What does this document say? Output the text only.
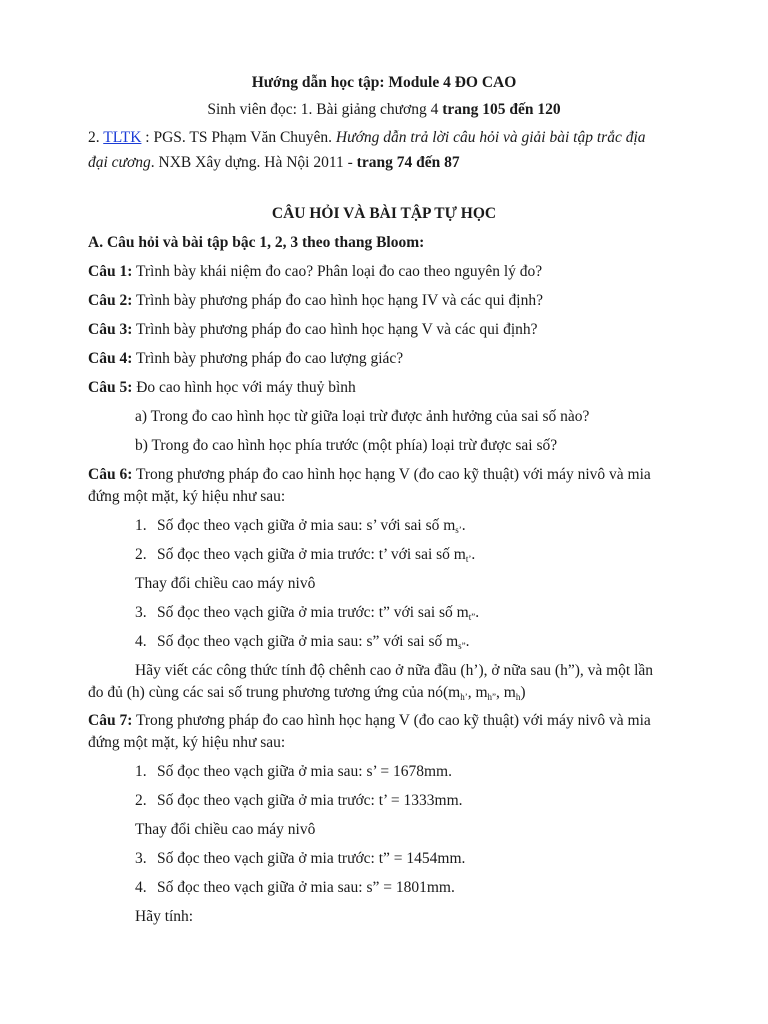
Hướng dẫn học tập: Module 4 ĐO CAO
Sinh viên đọc: 1. Bài giảng chương 4 trang 105 đến 120
2. TLTK : PGS. TS Phạm Văn Chuyên. Hướng dẫn trả lời câu hỏi và giải bài tập trắc địa
đại cương. NXB Xây dựng. Hà Nội 2011 - trang 74 đến 87
CÂU HỎI VÀ BÀI TẬP TỰ HỌC
A. Câu hỏi và bài tập bậc 1, 2, 3 theo thang Bloom:
Câu 1: Trình bày khái niệm đo cao? Phân loại đo cao theo nguyên lý đo?
Câu 2: Trình bày phương pháp đo cao hình học hạng IV và các qui định?
Câu 3: Trình bày phương pháp đo cao hình học hạng V và các qui định?
Câu 4: Trình bày phương pháp đo cao lượng giác?
Câu 5: Đo cao hình học với máy thuỷ bình
a) Trong đo cao hình học từ giữa loại trừ được ảnh hưởng của sai số nào?
b) Trong đo cao hình học phía trước (một phía) loại trừ được sai số?
Câu 6: Trong phương pháp đo cao hình học hạng V (đo cao kỹ thuật) với máy nivô và mia
đứng một mặt, ký hiệu như sau:
1. Số đọc theo vạch giữa ở mia sau: s’ với sai số $m_{s’}$.
2. Số đọc theo vạch giữa ở mia trước: t’ với sai số $m_{t’}$.
Thay đổi chiều cao máy nivô
3. Số đọc theo vạch giữa ở mia trước: t” với sai số $m_{t”}$.
4. Số đọc theo vạch giữa ở mia sau: s” với sai số $m_{s”}$.
Hãy viết các công thức tính độ chênh cao ở nữa đầu (h’), ở nữa sau (h”), và một lần
đo đủ (h) cùng các sai số trung phương tương ứng của $nó(m_{h’}$, $m_{h”}$, $m_h$)
Câu 7: Trong phương pháp đo cao hình học hạng V (đo cao kỹ thuật) với máy nivô và mia
đứng một mặt, ký hiệu như sau:
1. Số đọc theo vạch giữa ở mia sau: s’ = 1678mm.
2. Số đọc theo vạch giữa ở mia trước: t’ = 1333mm.
Thay đổi chiều cao máy nivô
3. Số đọc theo vạch giữa ở mia trước: t” = 1454mm.
4. Số đọc theo vạch giữa ở mia sau: s” = 1801mm.
Hãy tính:
